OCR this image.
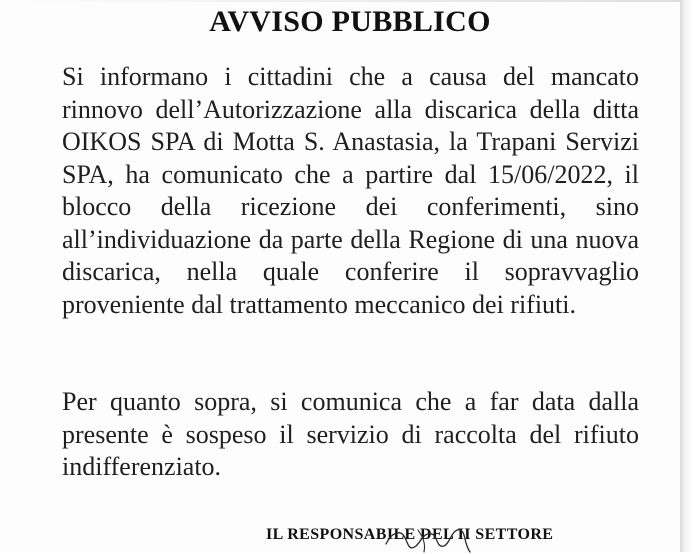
AVVISO PUBBLICO

Si informano i cittadini che a causa del mancato rinnovo dell’Autorizzazione alla discarica della ditta OIKOS SPA di Motta S. Anastasia, la Trapani Servizi SPA, ha comunicato che a partire dal 15/06/2022, il blocco della ricezione dei conferimenti, sino all’individuazione da parte della Regione di una nuova discarica, nella quale conferire il sopravvaglio proveniente dal trattamento meccanico dei rifiuti.

Per quanto sopra, si comunica che a far data dalla presente è sospeso il servizio di raccolta del rifiuto indifferenziato.

IL RESPONSABILE DEL II SETTORE
